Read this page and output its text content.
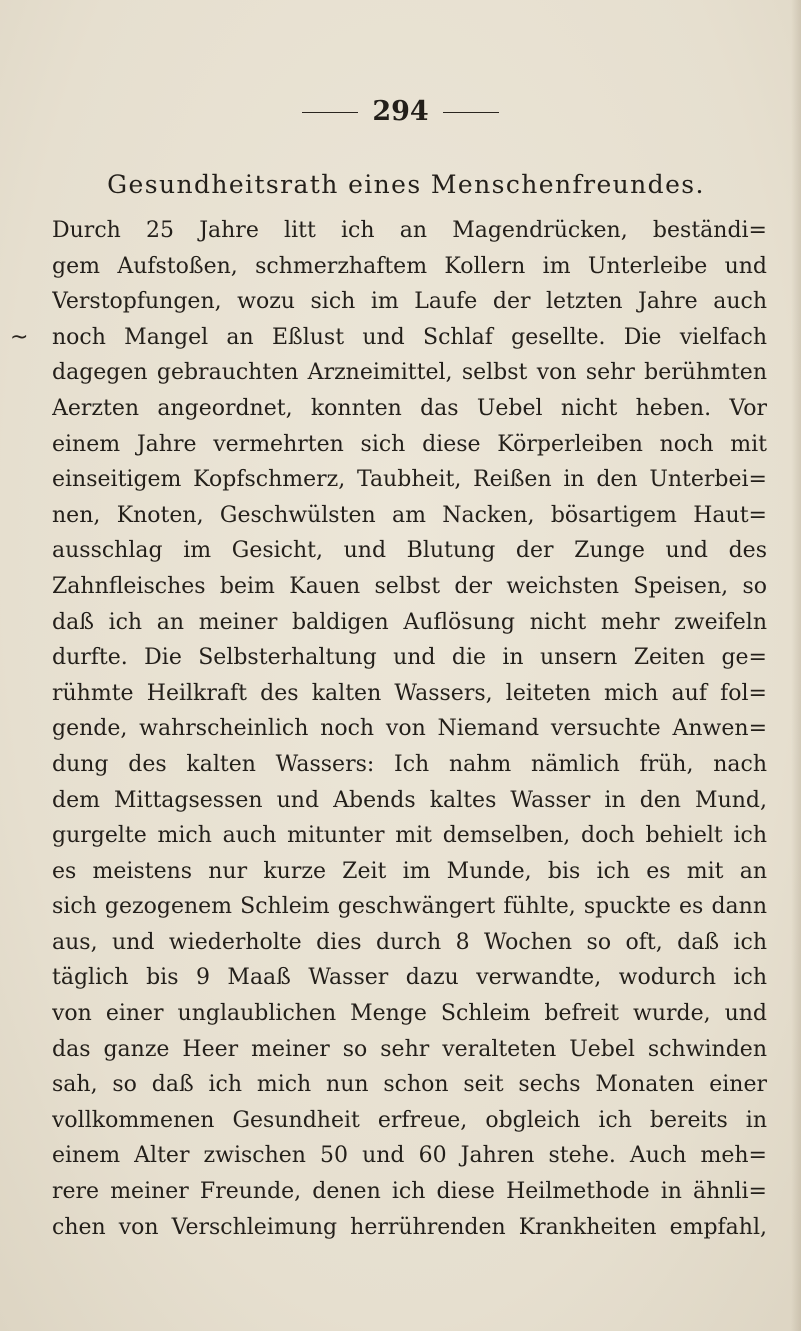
294
Gesundheitsrath eines Menschenfreundes.
~
Durch 25 Jahre litt ich an Magendrücken, beständi=
gem Aufstoßen, schmerzhaftem Kollern im Unterleibe und
Verstopfungen, wozu sich im Laufe der letzten Jahre auch
noch Mangel an Eßlust und Schlaf gesellte. Die vielfach
dagegen gebrauchten Arzneimittel, selbst von sehr berühmten
Aerzten angeordnet, konnten das Uebel nicht heben. Vor
einem Jahre vermehrten sich diese Körperleiben noch mit
einseitigem Kopfschmerz, Taubheit, Reißen in den Unterbei=
nen, Knoten, Geschwülsten am Nacken, bösartigem Haut=
ausschlag im Gesicht, und Blutung der Zunge und des
Zahnfleisches beim Kauen selbst der weichsten Speisen, so
daß ich an meiner baldigen Auflösung nicht mehr zweifeln
durfte. Die Selbsterhaltung und die in unsern Zeiten ge=
rühmte Heilkraft des kalten Wassers, leiteten mich auf fol=
gende, wahrscheinlich noch von Niemand versuchte Anwen=
dung des kalten Wassers: Ich nahm nämlich früh, nach
dem Mittagsessen und Abends kaltes Wasser in den Mund,
gurgelte mich auch mitunter mit demselben, doch behielt ich
es meistens nur kurze Zeit im Munde, bis ich es mit an
sich gezogenem Schleim geschwängert fühlte, spuckte es dann
aus, und wiederholte dies durch 8 Wochen so oft, daß ich
täglich bis 9 Maaß Wasser dazu verwandte, wodurch ich
von einer unglaublichen Menge Schleim befreit wurde, und
das ganze Heer meiner so sehr veralteten Uebel schwinden
sah, so daß ich mich nun schon seit sechs Monaten einer
vollkommenen Gesundheit erfreue, obgleich ich bereits in
einem Alter zwischen 50 und 60 Jahren stehe. Auch meh=
rere meiner Freunde, denen ich diese Heilmethode in ähnli=
chen von Verschleimung herrührenden Krankheiten empfahl,
